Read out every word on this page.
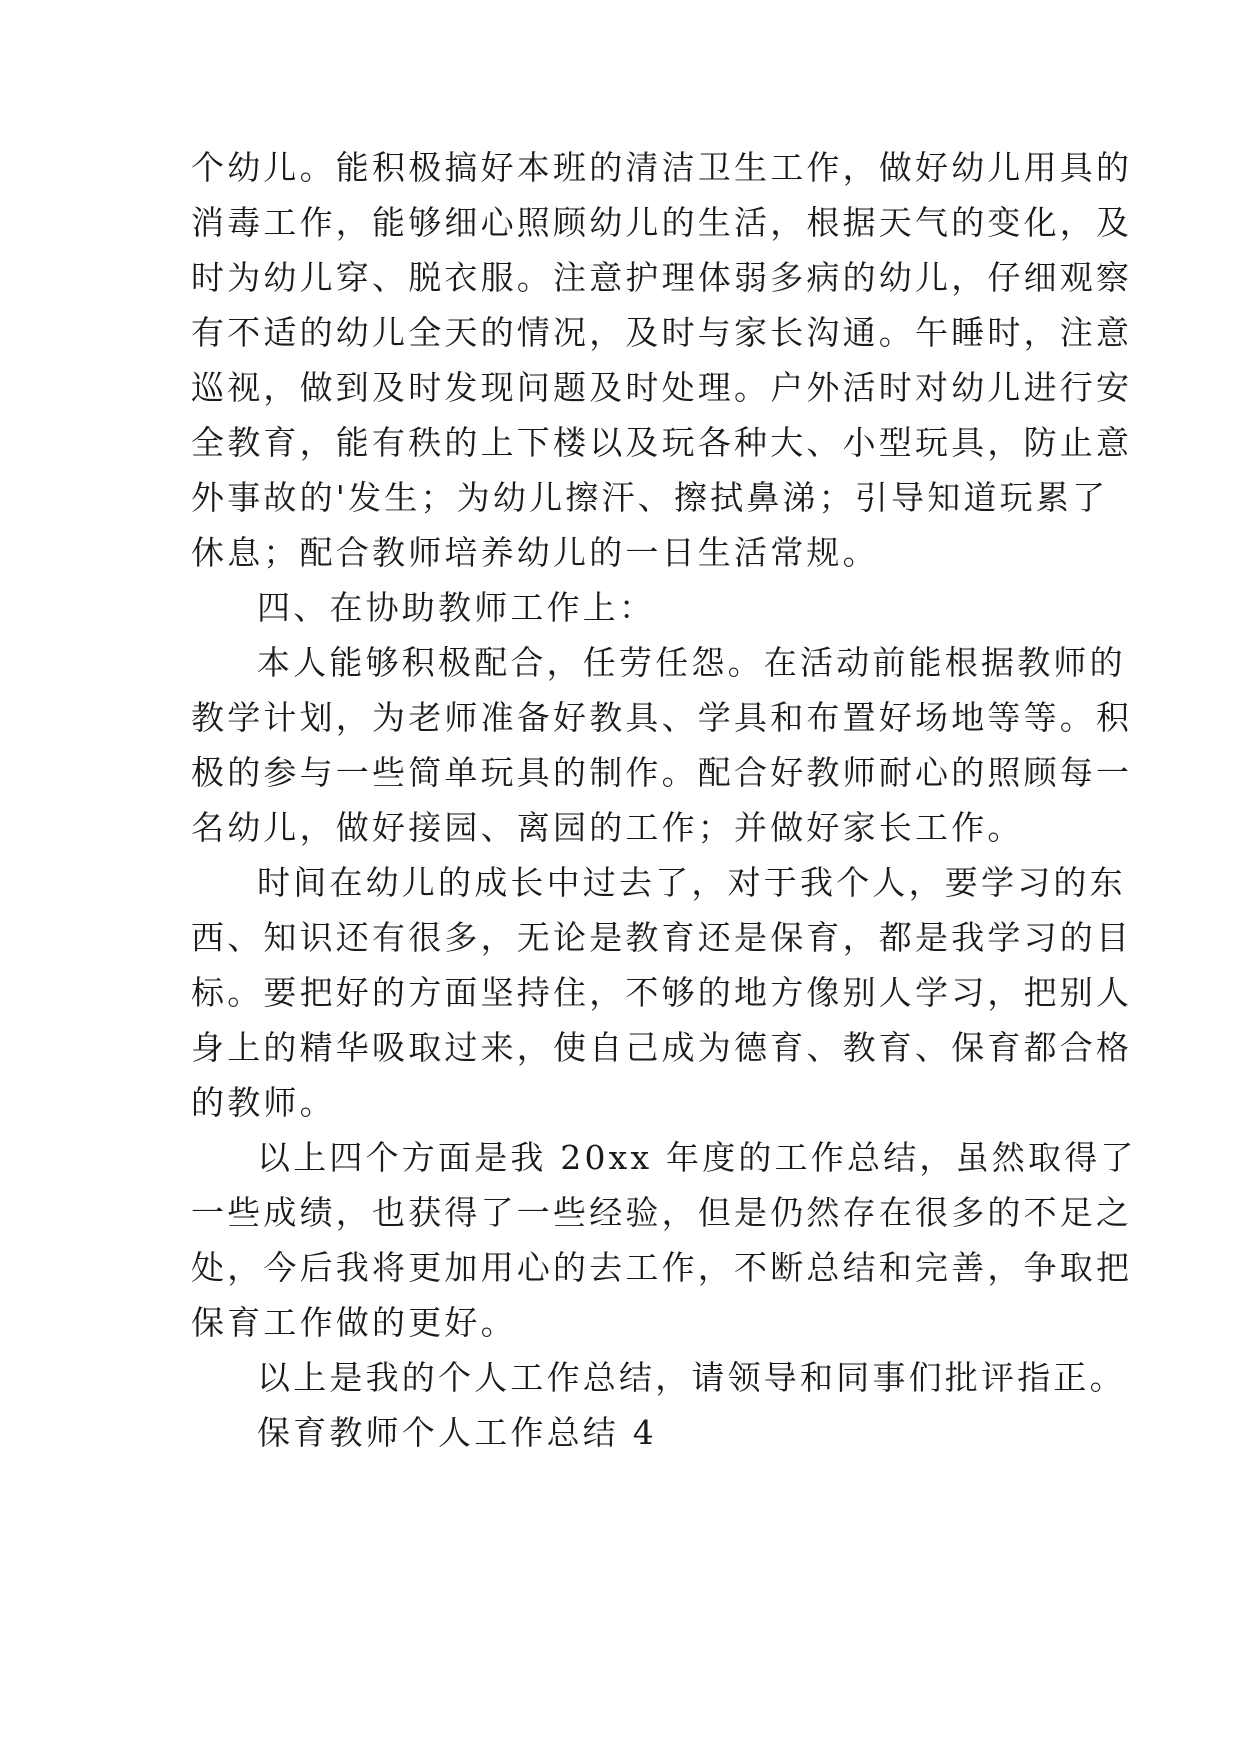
个幼儿。能积极搞好本班的清洁卫生工作，做好幼儿用具的
消毒工作，能够细心照顾幼儿的生活，根据天气的变化，及
时为幼儿穿、脱衣服。注意护理体弱多病的幼儿，仔细观察
有不适的幼儿全天的情况，及时与家长沟通。午睡时，注意
巡视，做到及时发现问题及时处理。户外活时对幼儿进行安
全教育，能有秩的上下楼以及玩各种大、小型玩具，防止意
外事故的'发生；为幼儿擦汗、擦拭鼻涕；引导知道玩累了
休息；配合教师培养幼儿的一日生活常规。
四、在协助教师工作上：
本人能够积极配合，任劳任怨。在活动前能根据教师的
教学计划，为老师准备好教具、学具和布置好场地等等。积
极的参与一些简单玩具的制作。配合好教师耐心的照顾每一
名幼儿，做好接园、离园的工作；并做好家长工作。
时间在幼儿的成长中过去了，对于我个人，要学习的东
西、知识还有很多，无论是教育还是保育，都是我学习的目
标。要把好的方面坚持住，不够的地方像别人学习，把别人
身上的精华吸取过来，使自己成为德育、教育、保育都合格
的教师。
以上四个方面是我 20xx 年度的工作总结，虽然取得了
一些成绩，也获得了一些经验，但是仍然存在很多的不足之
处，今后我将更加用心的去工作，不断总结和完善，争取把
保育工作做的更好。
以上是我的个人工作总结，请领导和同事们批评指正。
保育教师个人工作总结 4
